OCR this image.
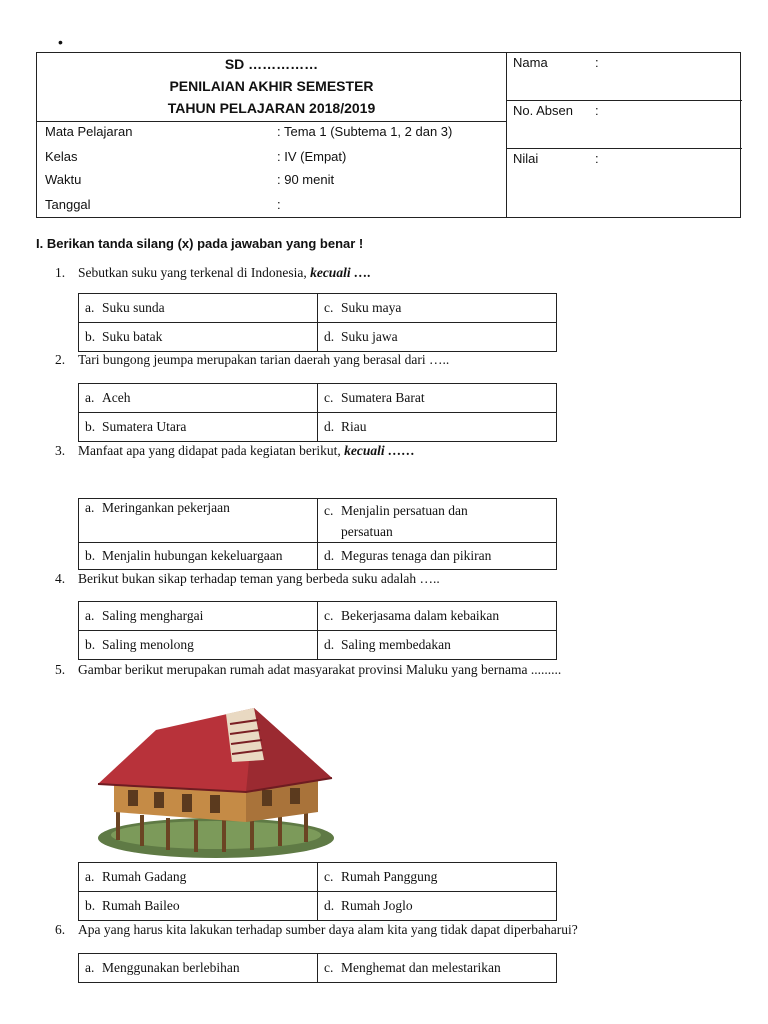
•
SD ……………
PENILAIAN AKHIR SEMESTER
TAHUN PELAJARAN 2018/2019
Mata Pelajaran	: Tema 1 (Subtema 1, 2 dan 3)
Kelas	: IV (Empat)
Waktu	: 90 menit
Tanggal	:
Nama	:
No. Absen :
Nilai	:
I. Berikan tanda silang (x) pada jawaban yang benar !
1. Sebutkan suku yang terkenal di Indonesia, kecuali ….
a. Suku sunda	c. Suku maya
b. Suku batak	d. Suku jawa
2. Tari bungong jeumpa merupakan tarian daerah yang berasal dari …..
a. Aceh	c. Sumatera Barat
b. Sumatera Utara	d. Riau
3. Manfaat apa yang didapat pada kegiatan berikut, kecuali ……
a. Meringankan pekerjaan	c. Menjalin persatuan dan
persatuan
b. Menjalin hubungan kekeluargaan	d. Meguras tenaga dan pikiran
4. Berikut bukan sikap terhadap teman yang berbeda suku adalah …..
a. Saling menghargai	c. Bekerjasama dalam kebaikan
b. Saling menolong	d. Saling membedakan
5. Gambar berikut merupakan rumah adat masyarakat provinsi Maluku yang bernama .........
a. Rumah Gadang	c. Rumah Panggung
b. Rumah Baileo	d. Rumah Joglo
6. Apa yang harus kita lakukan terhadap sumber daya alam kita yang tidak dapat diperbaharui?
a. Menggunakan berlebihan	c. Menghemat dan melestarikan
